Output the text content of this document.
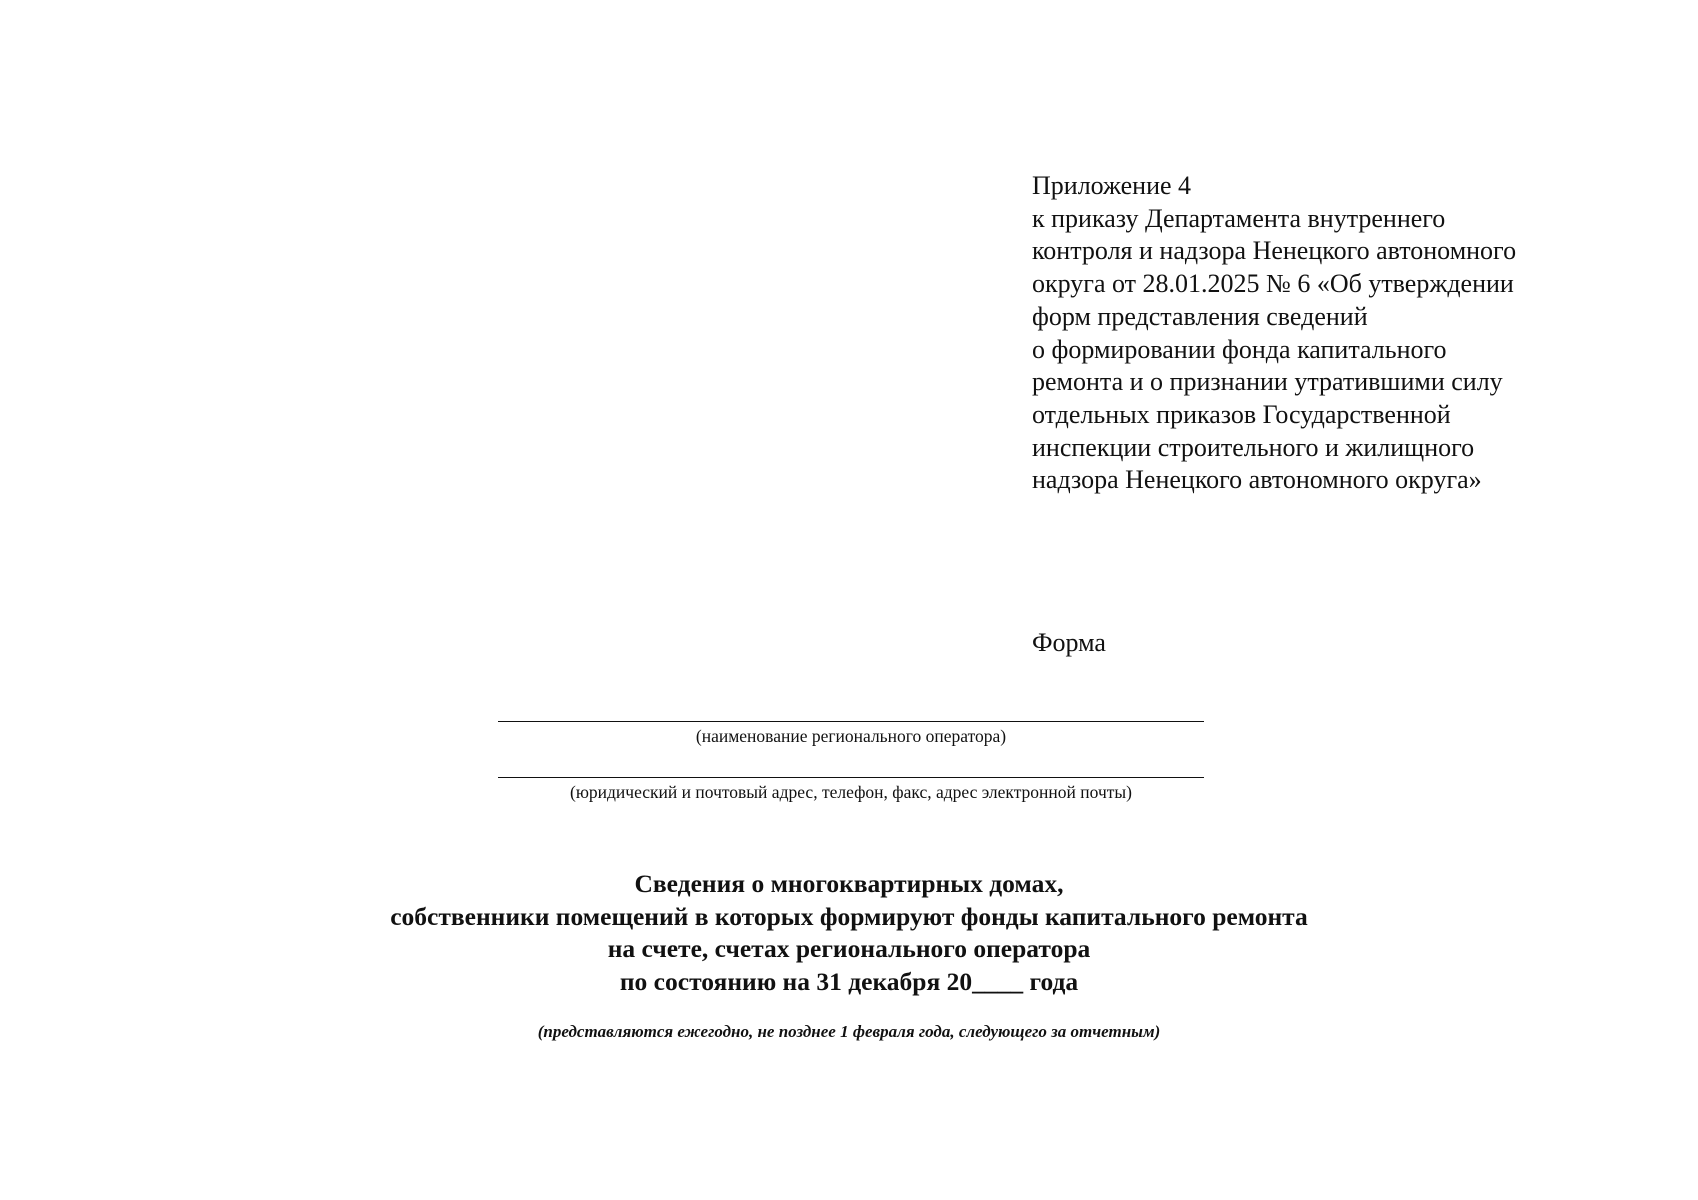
Приложение 4
к приказу Департамента внутреннего
контроля и надзора Ненецкого автономного
округа от 28.01.2025 № 6 «Об утверждении
форм представления сведений
о формировании фонда капитального
ремонта и о признании утратившими силу
отдельных приказов Государственной
инспекции строительного и жилищного
надзора Ненецкого автономного округа»
Форма
(наименование регионального оператора)
(юридический и почтовый адрес, телефон, факс, адрес электронной почты)
Сведения о многоквартирных домах,
собственники помещений в которых формируют фонды капитального ремонта
на счете, счетах регионального оператора
по состоянию на 31 декабря 20____ года
(представляются ежегодно, не позднее 1 февраля года, следующего за отчетным)
